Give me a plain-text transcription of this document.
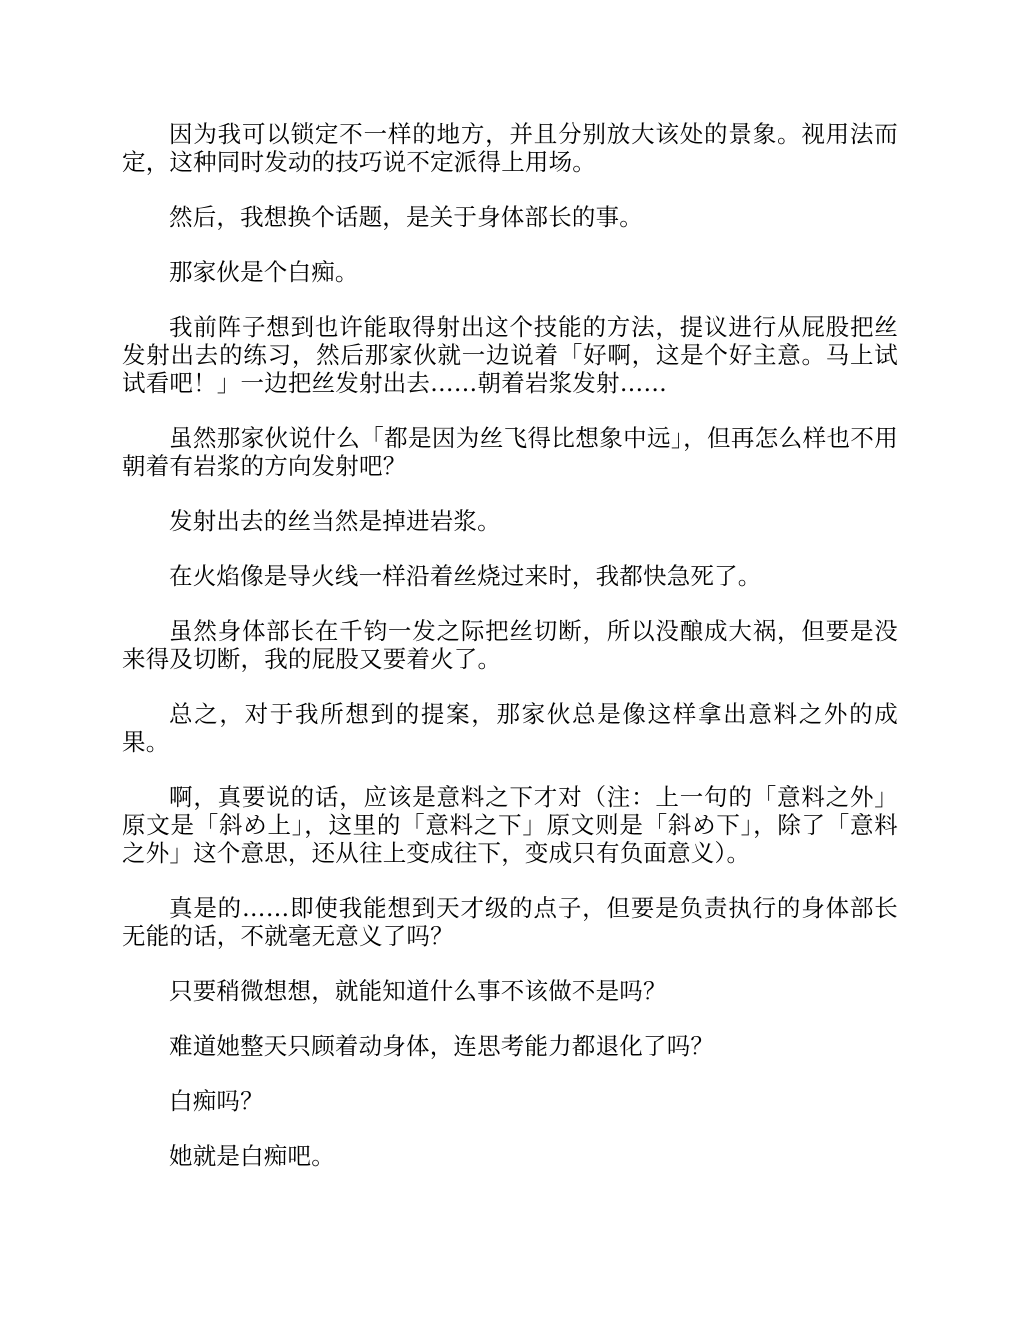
因为我可以锁定不一样的地方，并且分别放大该处的景象。视用法而定，这种同时发动的技巧说不定派得上用场。

然后，我想换个话题，是关于身体部长的事。

那家伙是个白痴。

我前阵子想到也许能取得射出这个技能的方法，提议进行从屁股把丝发射出去的练习，然后那家伙就一边说着「好啊，这是个好主意。马上试试看吧！」一边把丝发射出去……朝着岩浆发射……

虽然那家伙说什么「都是因为丝飞得比想象中远」，但再怎么样也不用朝着有岩浆的方向发射吧？

发射出去的丝当然是掉进岩浆。

在火焰像是导火线一样沿着丝烧过来时，我都快急死了。

虽然身体部长在千钧一发之际把丝切断，所以没酿成大祸，但要是没来得及切断，我的屁股又要着火了。

总之，对于我所想到的提案，那家伙总是像这样拿出意料之外的成果。

啊，真要说的话，应该是意料之下才对（注：上一句的「意料之外」原文是「斜め上」，这里的「意料之下」原文则是「斜め下」，除了「意料之外」这个意思，还从往上变成往下，变成只有负面意义）。

真是的……即使我能想到天才级的点子，但要是负责执行的身体部长无能的话，不就毫无意义了吗？

只要稍微想想，就能知道什么事不该做不是吗？

难道她整天只顾着动身体，连思考能力都退化了吗？

白痴吗？

她就是白痴吧。
